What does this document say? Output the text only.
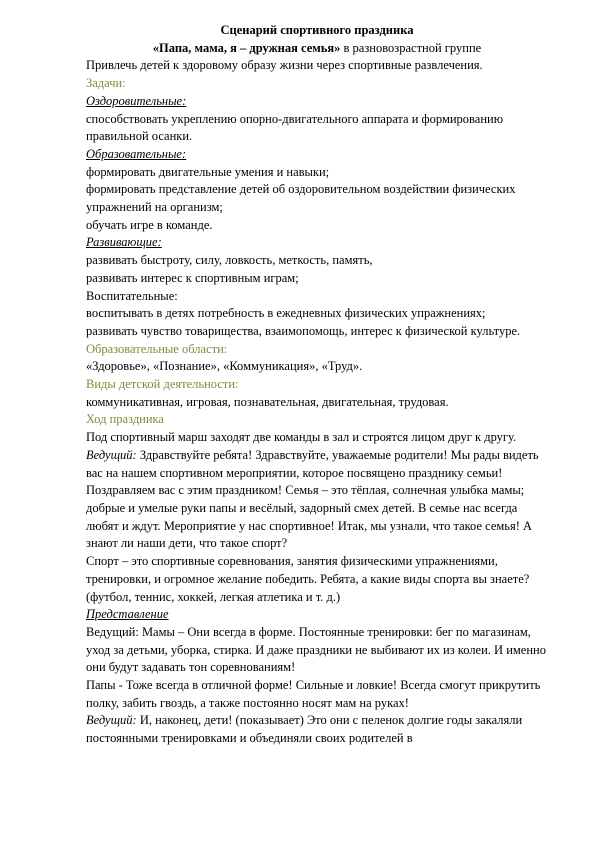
Сценарий спортивного праздника

«Папа, мама, я – дружная семья» в разновозрастной группе

Привлечь детей к здоровому образу жизни через спортивные развлечения.

Задачи:

Оздоровительные:

способствовать укреплению опорно-двигательного аппарата и формированию правильной осанки.

Образовательные:

формировать двигательные умения и навыки;

формировать представление детей об оздоровительном воздействии физических упражнений на организм;

обучать игре в команде.

Развивающие:

развивать быстроту, силу, ловкость, меткость, память,

развивать интерес к спортивным играм;

Воспитательные:

воспитывать в детях потребность в ежедневных физических упражнениях;

развивать чувство товарищества, взаимопомощь, интерес к физической культуре.

Образовательные области:

«Здоровье», «Познание», «Коммуникация», «Труд».

Виды детской деятельности:

коммуникативная, игровая, познавательная, двигательная, трудовая.

Ход праздника

Под спортивный марш заходят две команды в зал и строятся лицом друг к другу.

Ведущий: Здравствуйте ребята! Здравствуйте, уважаемые родители! Мы рады видеть вас на нашем спортивном мероприятии, которое посвящено празднику семьи! Поздравляем вас с этим праздником! Семья – это тёплая, солнечная улыбка мамы; добрые и умелые руки папы и весёлый, задорный смех детей. В семье нас всегда любят и ждут. Мероприятие у нас спортивное! Итак, мы узнали, что такое семья! А знают ли наши дети, что такое спорт?

Спорт – это спортивные соревнования, занятия физическими упражнениями, тренировки, и огромное желание победить. Ребята, а какие виды спорта вы знаете? (футбол, теннис, хоккей, легкая атлетика и т. д.)

Представление

Ведущий: Мамы – Они всегда в форме. Постоянные тренировки: бег по магазинам, уход за детьми, уборка, стирка. И даже праздники не выбивают их из колеи. И именно они будут задавать тон соревнованиям!

Папы - Тоже всегда в отличной форме! Сильные и ловкие! Всегда смогут прикрутить полку, забить гвоздь, а также постоянно носят мам на руках!

Ведущий: И, наконец, дети! (показывает) Это они с пеленок долгие годы закаляли постоянными тренировками и объединяли своих родителей в
